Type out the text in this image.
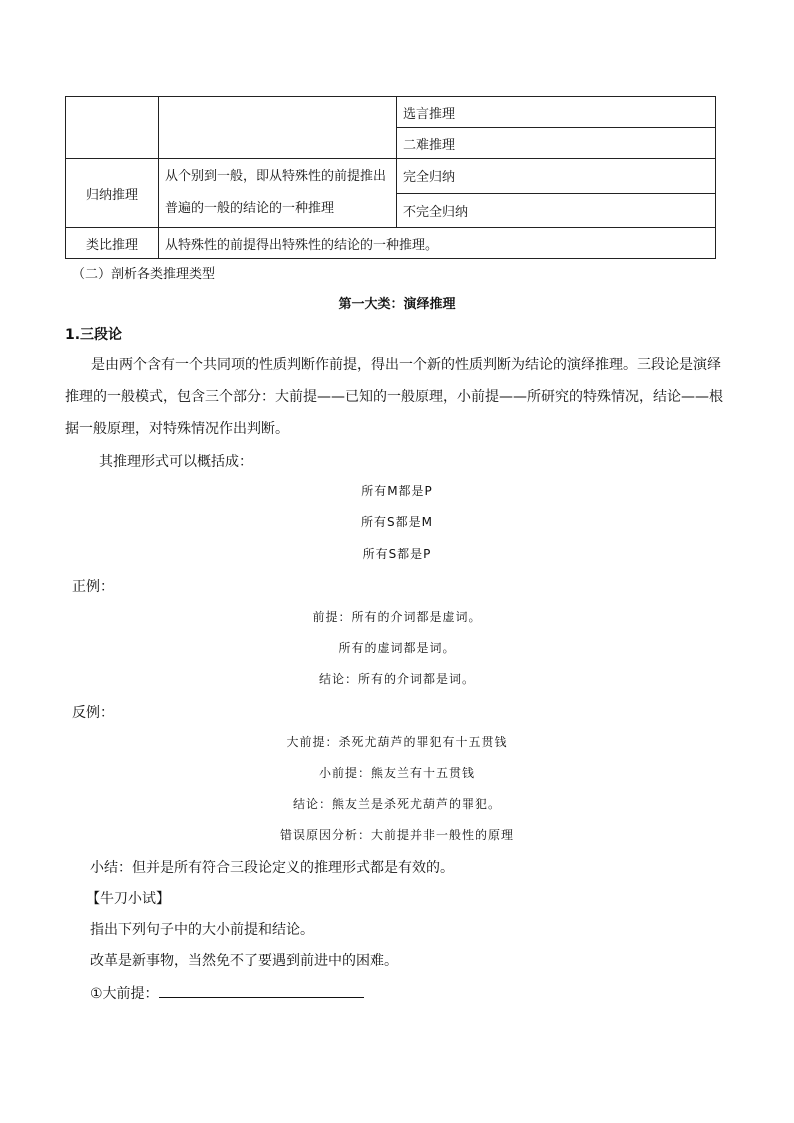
		选言推理
		二难推理
归纳推理	从个别到一般，即从特殊性的前提推出普遍的一般的结论的一种推理	完全归纳
		不完全归纳
类比推理	从特殊性的前提得出特殊性的结论的一种推理。	
（二）剖析各类推理类型
第一大类：演绎推理
1.三段论
是由两个含有一个共同项的性质判断作前提，得出一个新的性质判断为结论的演绎推理。三段论是演绎推理的一般模式，包含三个部分：大前提——已知的一般原理，小前提——所研究的特殊情况，结论——根据一般原理，对特殊情况作出判断。
其推理形式可以概括成：
所有M都是P
所有S都是M
所有S都是P
正例：
前提：所有的介词都是虚词。
所有的虚词都是词。
结论：所有的介词都是词。
反例：
大前提：杀死尤葫芦的罪犯有十五贯钱
小前提：熊友兰有十五贯钱
结论：熊友兰是杀死尤葫芦的罪犯。
错误原因分析：大前提并非一般性的原理
小结：但并是所有符合三段论定义的推理形式都是有效的。
【牛刀小试】
指出下列句子中的大小前提和结论。
改革是新事物，当然免不了要遇到前进中的困难。
①大前提：
